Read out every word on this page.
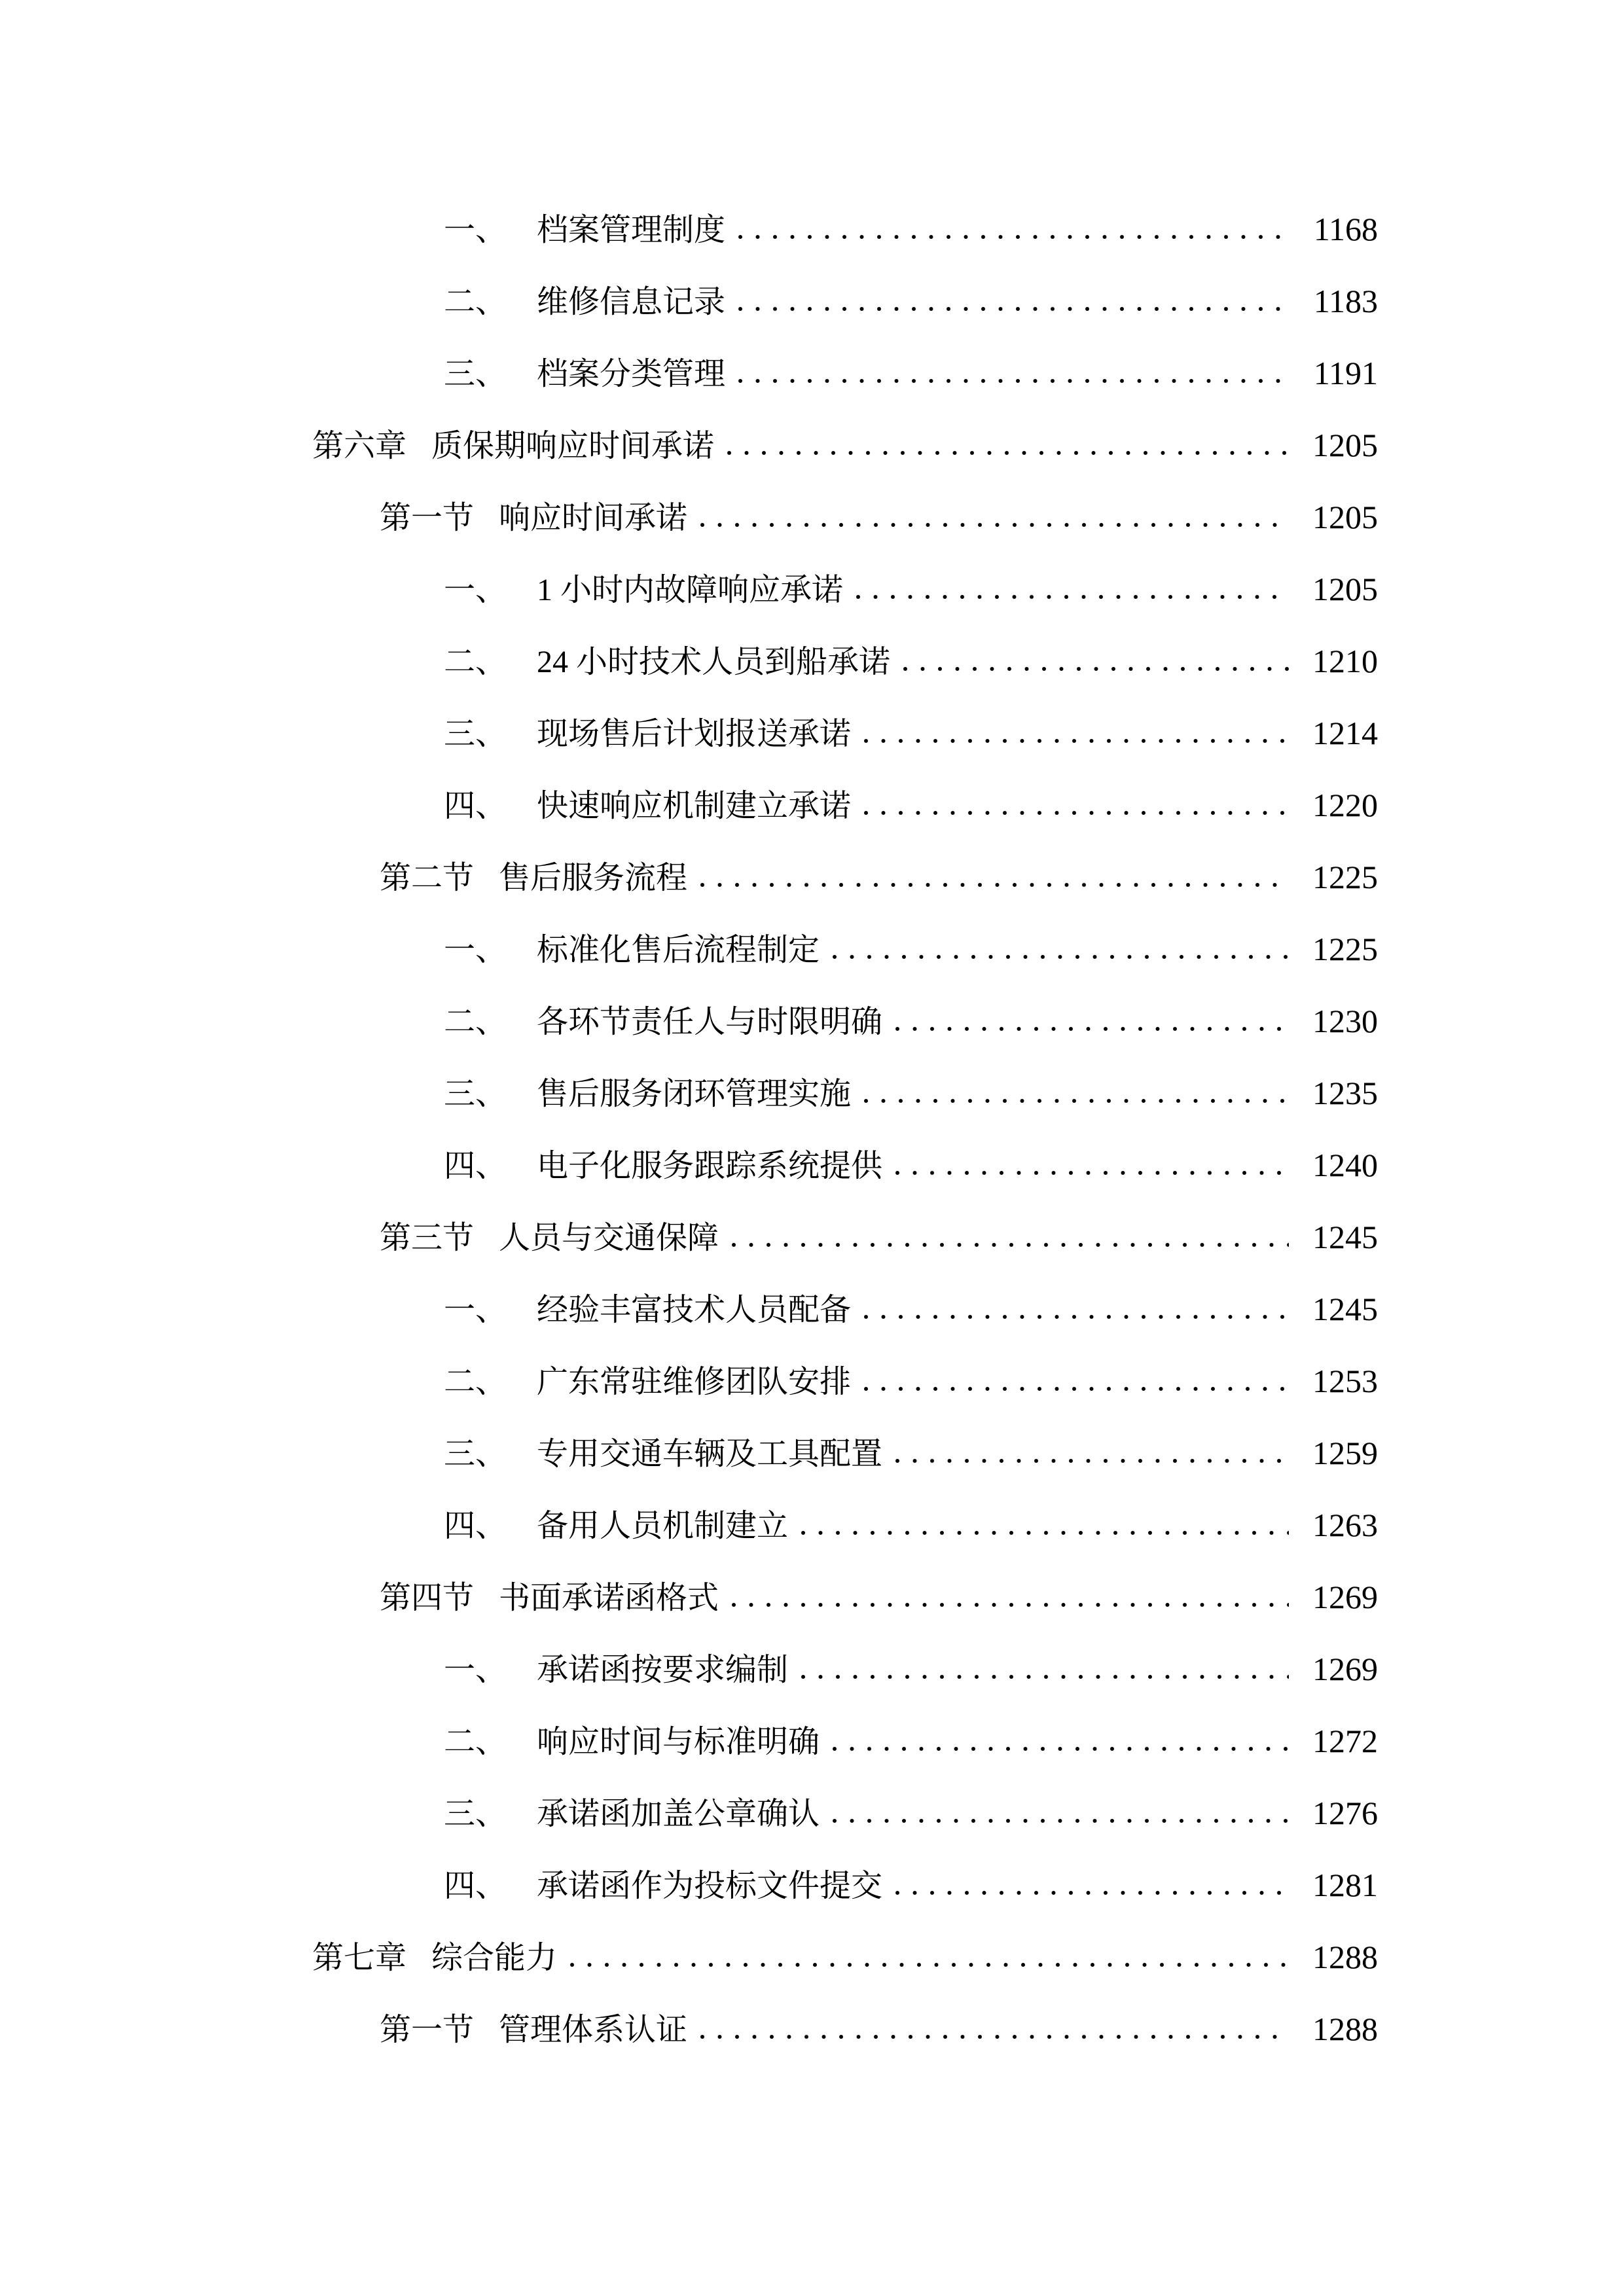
一、 档案管理制度	1168
二、 维修信息记录	1183
三、 档案分类管理	1191
第六章 质保期响应时间承诺	1205
第一节 响应时间承诺	1205
一、 1 小时内故障响应承诺	1205
二、 24 小时技术人员到船承诺	1210
三、 现场售后计划报送承诺	1214
四、 快速响应机制建立承诺	1220
第二节 售后服务流程	1225
一、 标准化售后流程制定	1225
二、 各环节责任人与时限明确	1230
三、 售后服务闭环管理实施	1235
四、 电子化服务跟踪系统提供	1240
第三节 人员与交通保障	1245
一、 经验丰富技术人员配备	1245
二、 广东常驻维修团队安排	1253
三、 专用交通车辆及工具配置	1259
四、 备用人员机制建立	1263
第四节 书面承诺函格式	1269
一、 承诺函按要求编制	1269
二、 响应时间与标准明确	1272
三、 承诺函加盖公章确认	1276
四、 承诺函作为投标文件提交	1281
第七章 综合能力	1288
第一节 管理体系认证	1288
